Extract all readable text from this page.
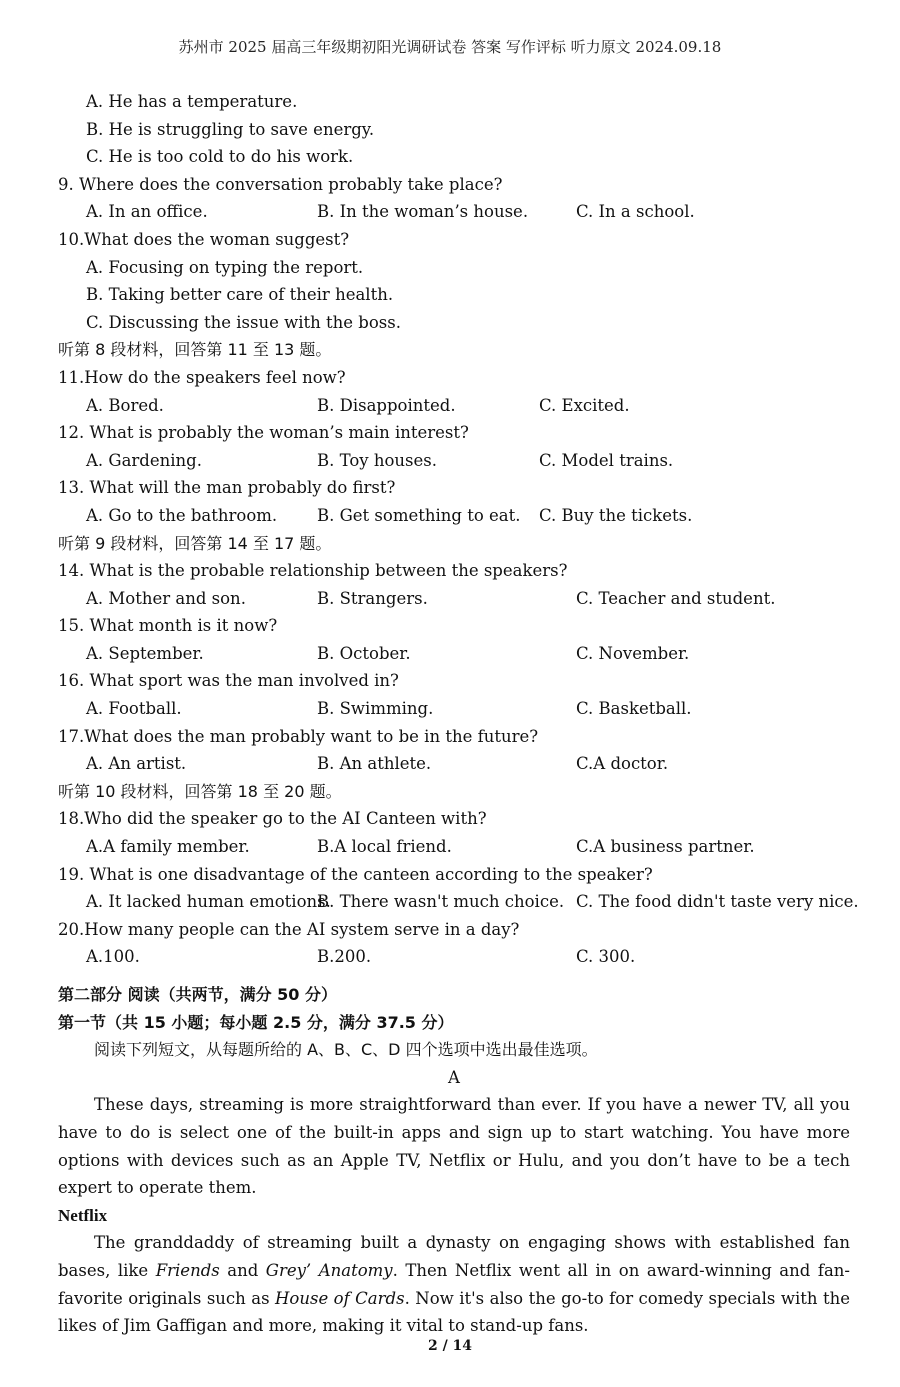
苏州市 2025 届高三年级期初阳光调研试卷 答案 写作评标 听力原文 2024.09.18
A. He has a temperature.
B. He is struggling to save energy.
C. He is too cold to do his work.
9. Where does the conversation probably take place?
A. In an office.	B. In the woman’s house.	C. In a school.
10.What does the woman suggest?
A. Focusing on typing the report.
B. Taking better care of their health.
C. Discussing the issue with the boss.
听第 8 段材料，回答第 11 至 13 题。
11.How do the speakers feel now?
A. Bored.	B. Disappointed.	C. Excited.
12. What is probably the woman’s main interest?
A. Gardening.	B. Toy houses.	C. Model trains.
13. What will the man probably do first?
A. Go to the bathroom. B. Get something to eat. C. Buy the tickets.
听第 9 段材料，回答第 14 至 17 题。
14. What is the probable relationship between the speakers?
A. Mother and son.	B. Strangers.	C. Teacher and student.
15. What month is it now?
A. September.	B. October.	C. November.
16. What sport was the man involved in?
A. Football.	B. Swimming.	C. Basketball.
17.What does the man probably want to be in the future?
A. An artist.	B. An athlete.	C.A doctor.
听第 10 段材料，回答第 18 至 20 题。
18.Who did the speaker go to the AI Canteen with?
A.A family member.	B.A local friend.	C.A business partner.
19. What is one disadvantage of the canteen according to the speaker?
A. It lacked human emotions.
B. There wasn't much choice. C. The food didn't taste very nice.
20.How many people can the AI system serve in a day?
A.100.	B.200.	C. 300.
第二部分 阅读（共两节，满分 50 分）
第一节（共 15 小题；每小题 2.5 分，满分 37.5 分）
阅读下列短文，从每题所给的 A、B、C、D 四个选项中选出最佳选项。
A
These days, streaming is more straightforward than ever. If you have a newer TV, all you have to do is select one of the built-in apps and sign up to start watching. You have more options with devices such as an Apple TV, Netflix or Hulu, and you don’t have to be a tech expert to operate them.
Netflix
The granddaddy of streaming built a dynasty on engaging shows with established fan bases, like Friends and Grey’ Anatomy. Then Netflix went all in on award-winning and fan-favorite originals such as House of Cards. Now it's also the go-to for comedy specials with the likes of Jim Gaffigan and more, making it vital to stand-up fans.
2 / 14
